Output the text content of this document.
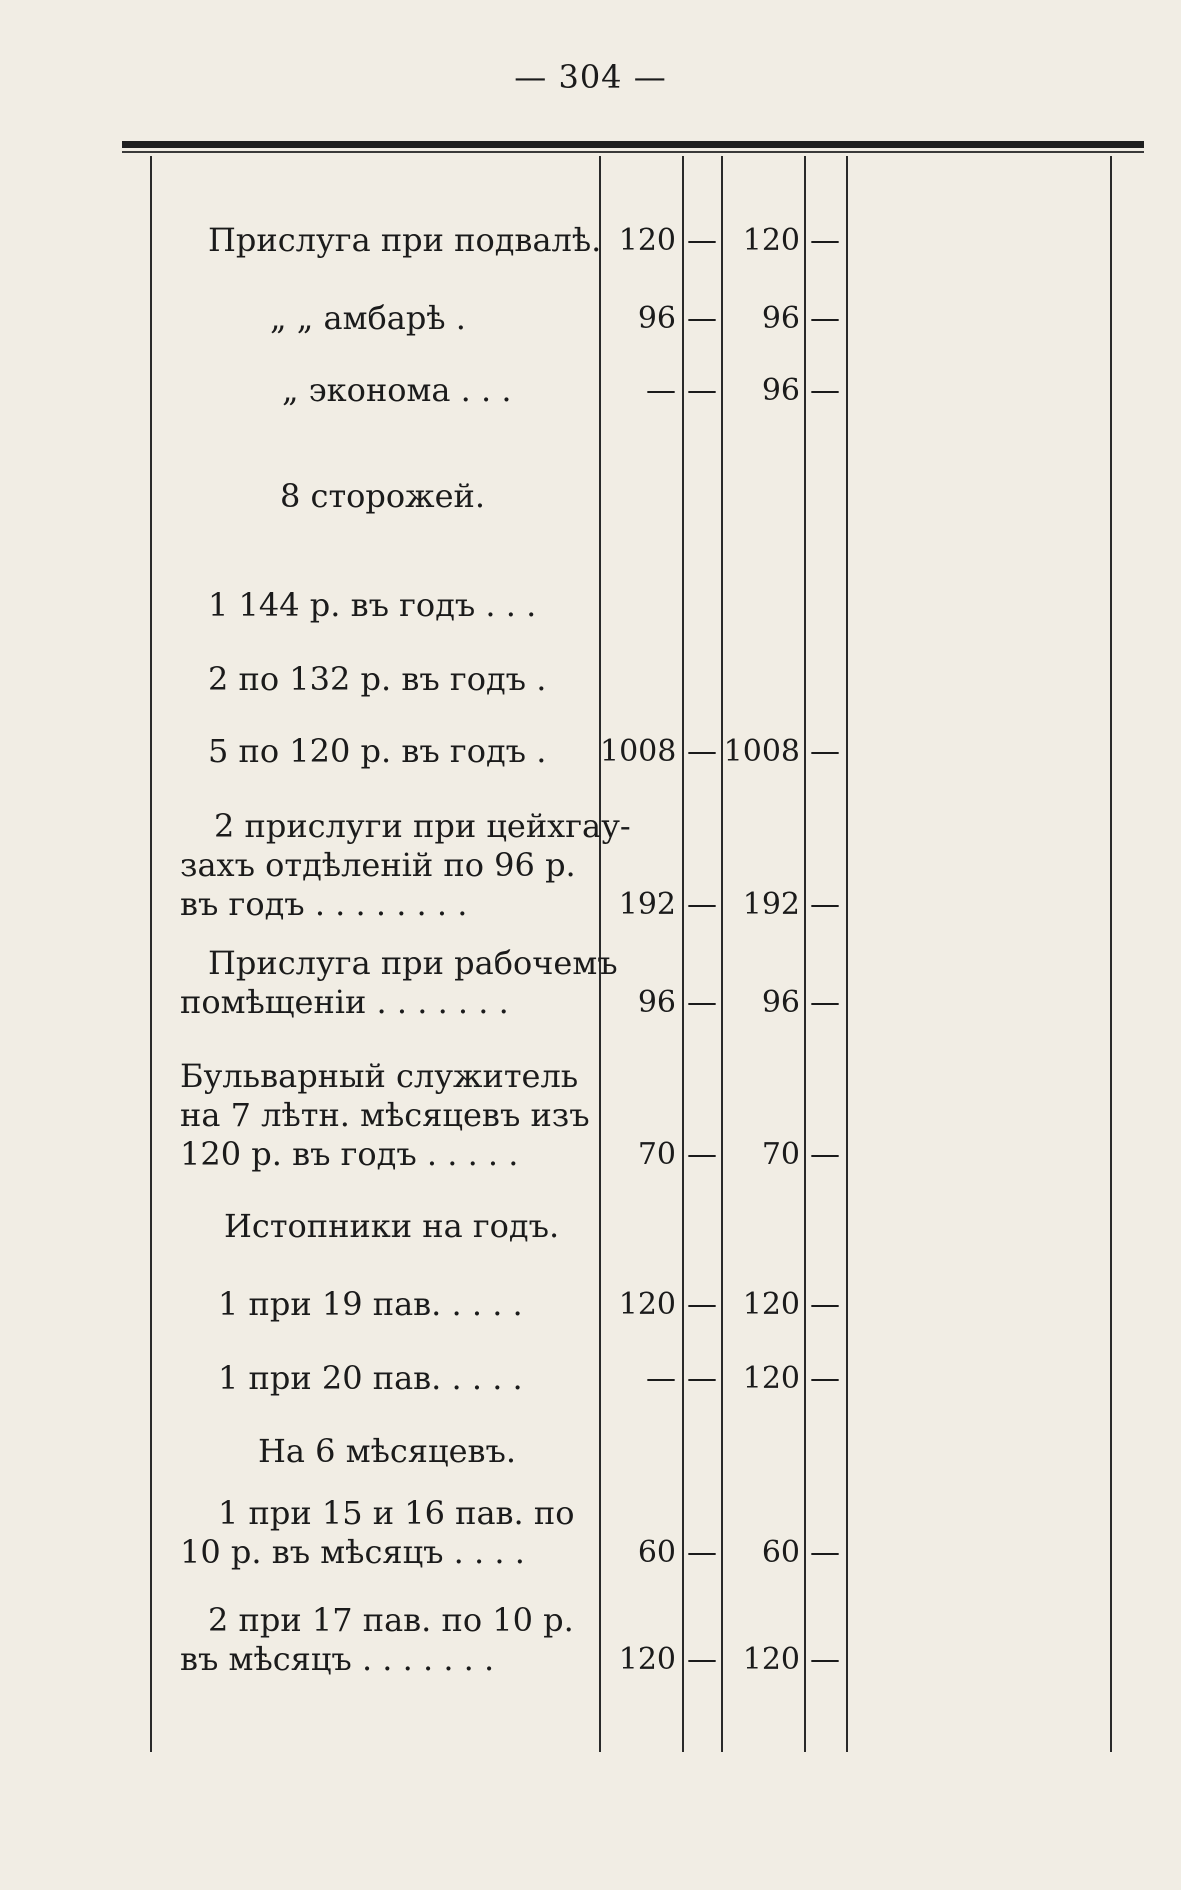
— 304 —
Прислуга при подвалѣ. 120 — 120 —
„ „ амбарѣ .	96 —	96 —
„ эконома . . .	— —	96 —
8 сторожей.
1 144 р. въ годъ . . .
2 по 132 р. въ годъ .
5 по 120 р. въ годъ . 1008 — 1008 —
2 прислуги при цейхгау-
захъ отдѣленій по 96 р.
въ годъ . . . . . . . .	192 — 192 —
Прислуга при рабочемъ
помѣщеніи . . . . . . .	96 —	96 —
Бульварный служитель
на 7 лѣтн. мѣсяцевъ изъ
120 р. въ годъ . . . . .	70 —	70 —
Истопники на годъ.
1 при 19 пав. . . . .	120 — 120 —
1 при 20 пав. . . . .	— — 120 —
На 6 мѣсяцевъ.
1 при 15 и 16 пав. по
10 р. въ мѣсяцъ . . . .	60 —	60 —
2 при 17 пав. по 10 р.
въ мѣсяцъ . . . . . . .	120 — 120 —
